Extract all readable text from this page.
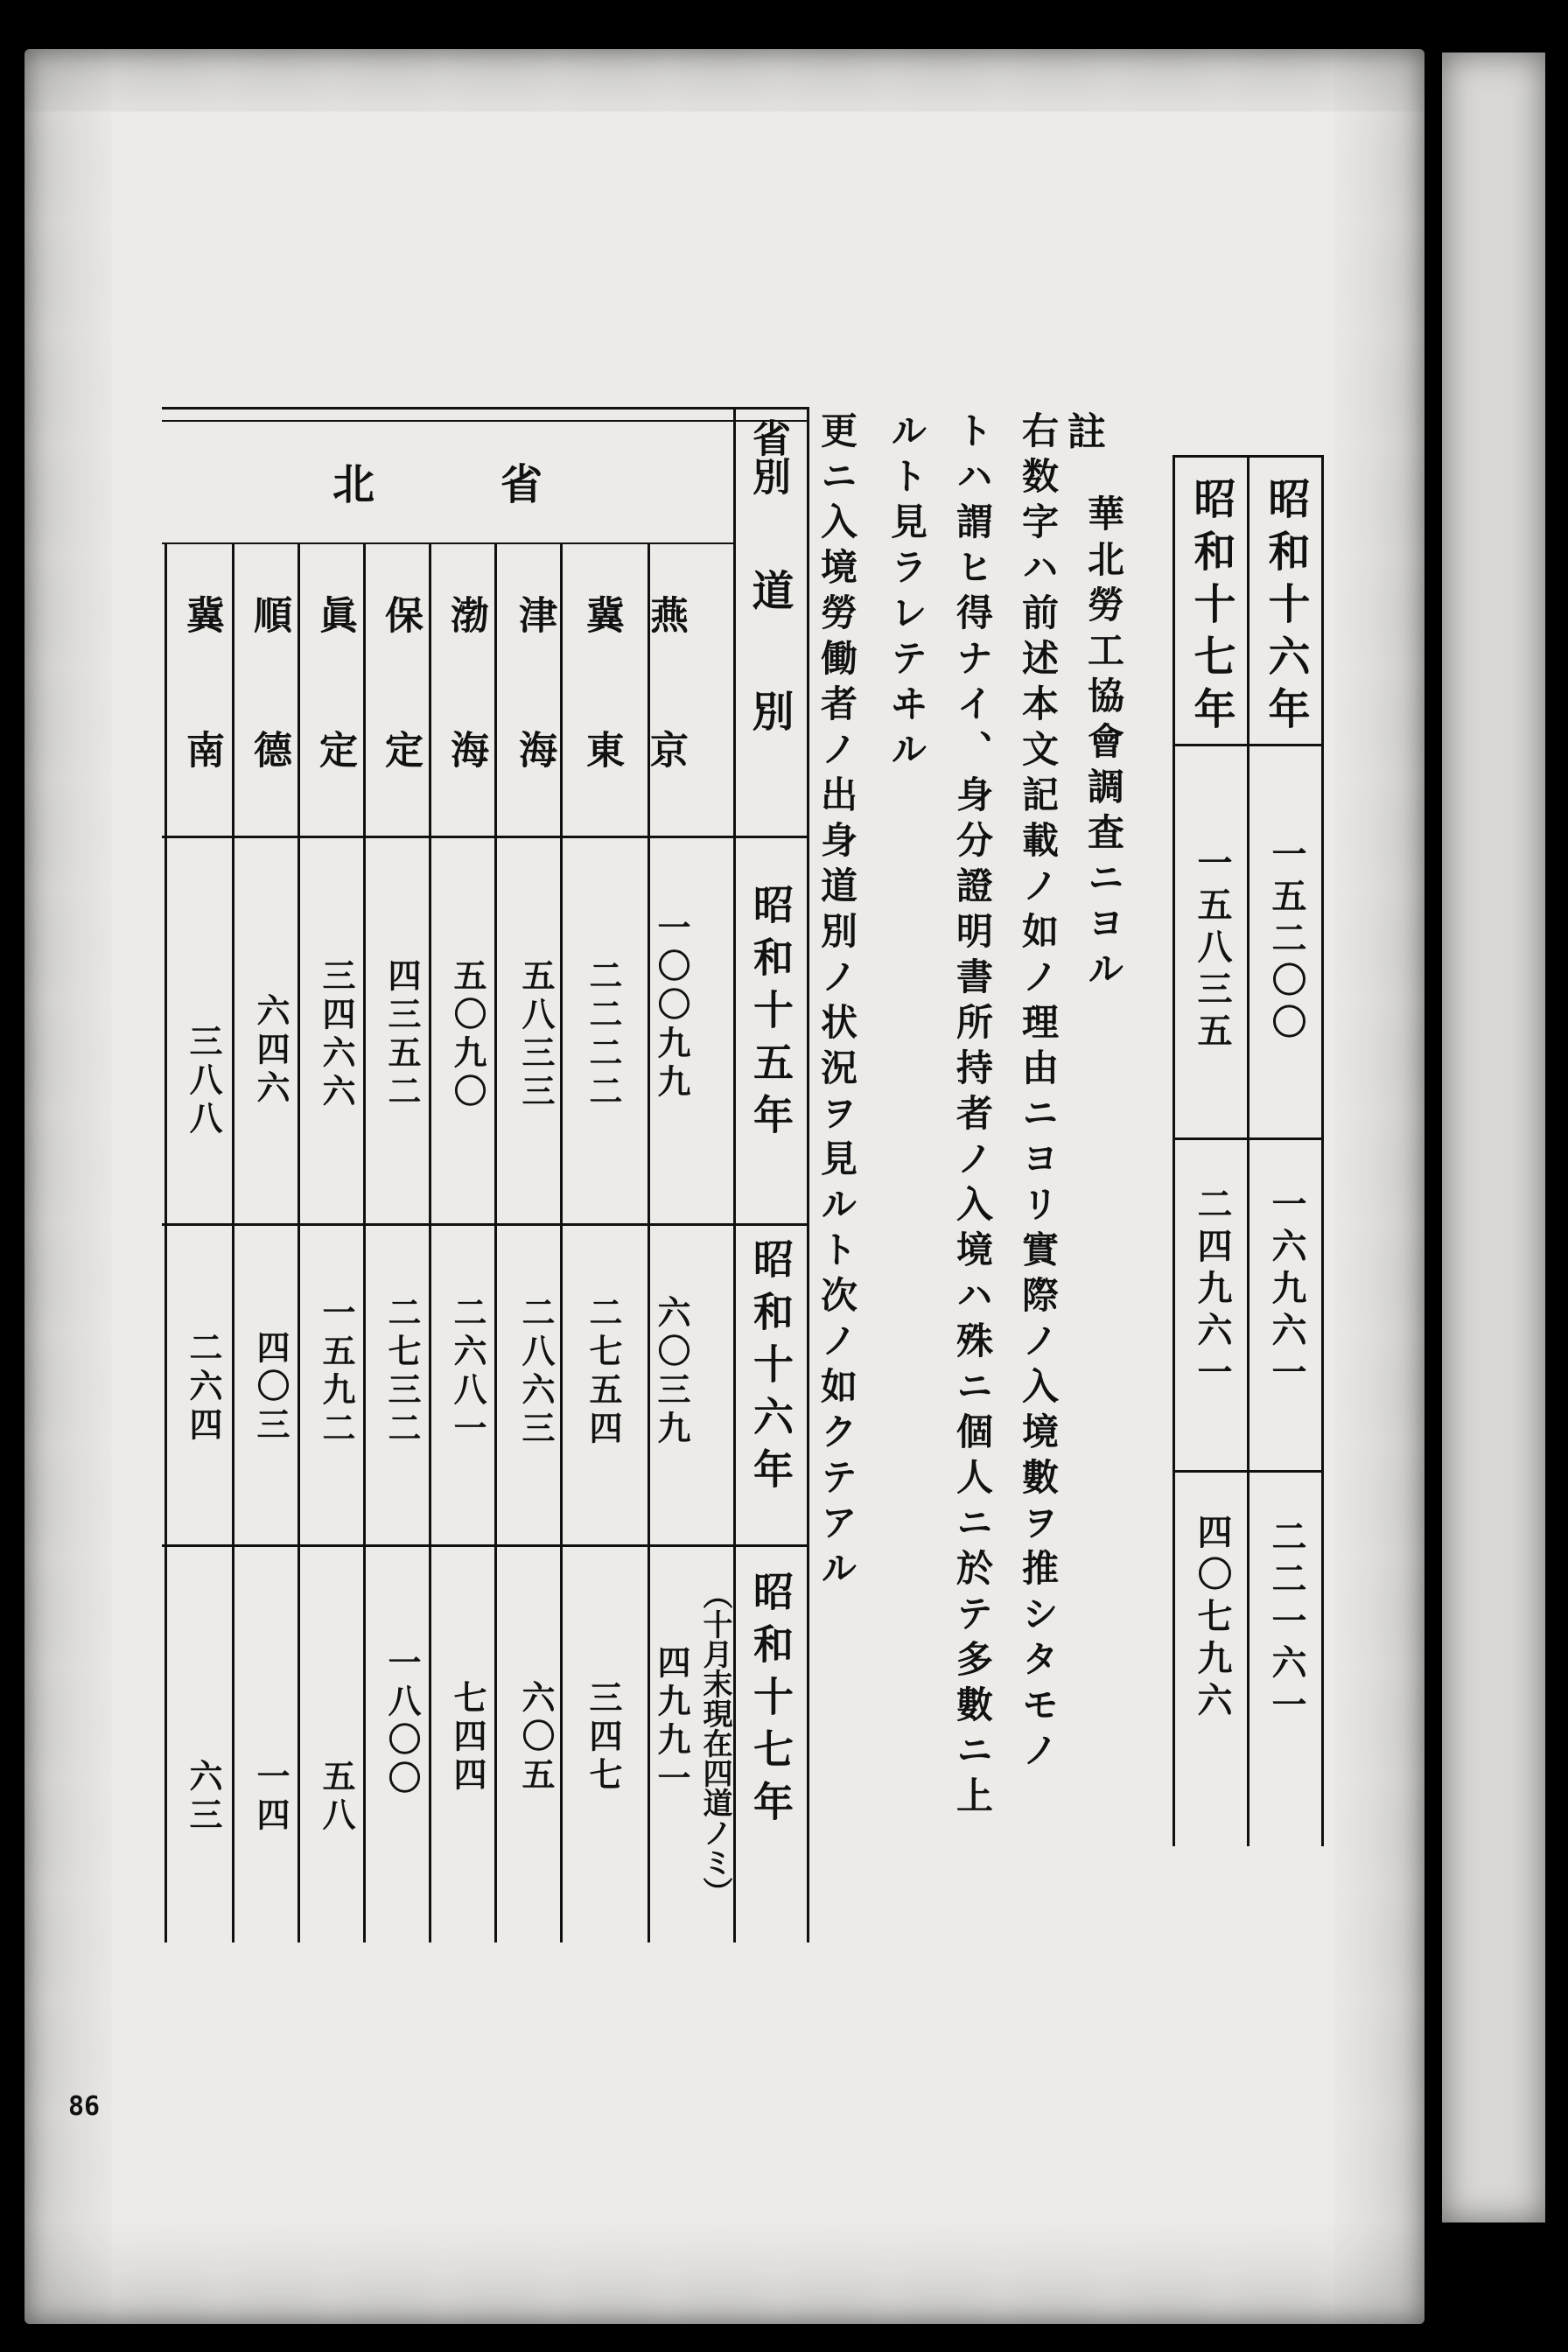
昭和十六年
昭和十七年
一五二〇〇
一六九六一
二二一六一
一五八三五
二四九六一
四〇七九六
註
華北勞工協會調査ニヨル
右数字ハ前述本文記載ノ如ノ理由ニヨリ實際ノ入境數ヲ推シタモノ
トハ謂ヒ得ナイ、身分證明書所持者ノ入境ハ殊ニ個人ニ於テ多數ニ上
ルト見ラレテヰル
更ニ入境勞働者ノ出身道別ノ状況ヲ見ルト次ノ如クテアル
省別
道別
北　　　省
昭和十五年
昭和十六年
昭和十七年
（十月末現在四道ノミ）
燕京
冀東
津海
渤海
保定
眞定
順德
冀南
一〇〇九九
二二二二
五八三三
五〇九〇
四三五二
三四六六
六四六
三八八
六〇三九
二七五四
二八六三
二六八一
二七三二
一五九二
四〇三
二六四
四九九一
三四七
六〇五
七四四
一八〇〇
五八
一四
六三
86
